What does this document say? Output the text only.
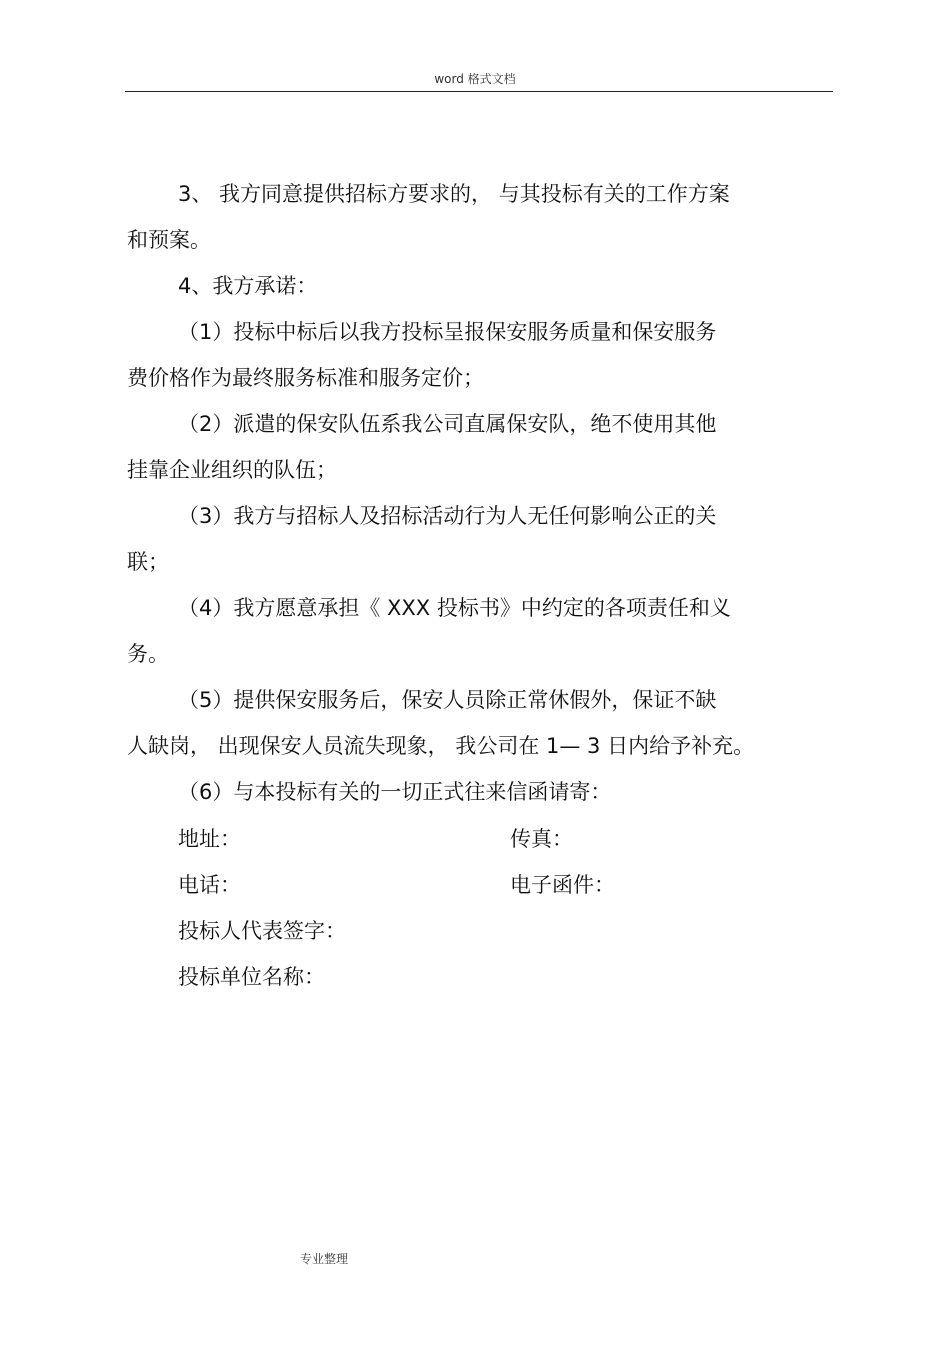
word 格式文档
3、 我方同意提供招标方要求的， 与其投标有关的工作方案
和预案。
4、我方承诺：
（1）投标中标后以我方投标呈报保安服务质量和保安服务
费价格作为最终服务标准和服务定价；
（2）派遣的保安队伍系我公司直属保安队，绝不使用其他
挂靠企业组织的队伍；
（3）我方与招标人及招标活动行为人无任何影响公正的关
联；
（4）我方愿意承担《 XXX 投标书》中约定的各项责任和义
务。
（5）提供保安服务后，保安人员除正常休假外，保证不缺
人缺岗， 出现保安人员流失现象， 我公司在 1— 3 日内给予补充。
（6）与本投标有关的一切正式往来信函请寄：
地址：	传真：
电话：	电子函件：
投标人代表签字：
投标单位名称：
专业整理
